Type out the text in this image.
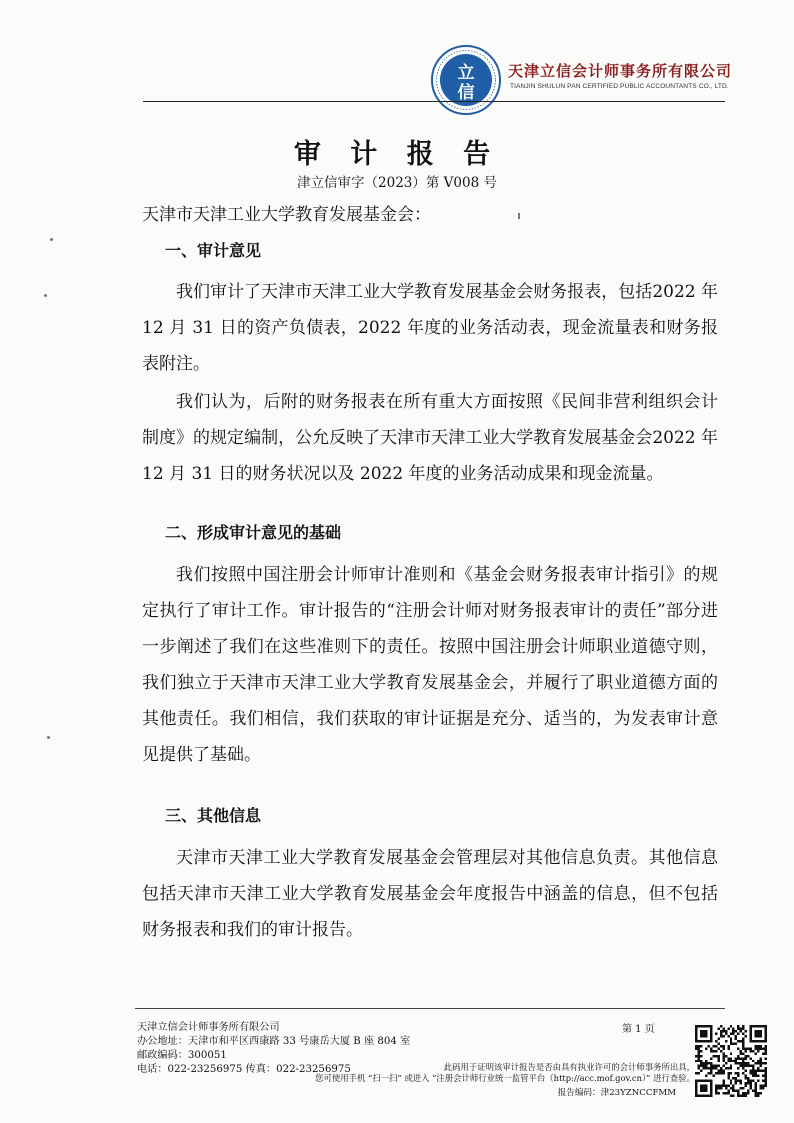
立
信
天津立信会计师事务所有限公司
TIANJIN SHULUN PAN CERTIFIED PUBLIC ACCOUNTANTS CO., LTD.
审 计 报 告
津立信审字（2023）第 V008 号
天津市天津工业大学教育发展基金会：
一、审计意见

我们审计了天津市天津工业大学教育发展基金会财务报表，包括2022 年 12 月 31 日的资产负债表，2022 年度的业务活动表，现金流量表和财务报表附注。

我们认为，后附的财务报表在所有重大方面按照《民间非营利组织会计制度》的规定编制，公允反映了天津市天津工业大学教育发展基金会2022 年 12 月 31 日的财务状况以及 2022 年度的业务活动成果和现金流量。

二、形成审计意见的基础

我们按照中国注册会计师审计准则和《基金会财务报表审计指引》的规定执行了审计工作。审计报告的“注册会计师对财务报表审计的责任”部分进一步阐述了我们在这些准则下的责任。按照中国注册会计师职业道德守则，我们独立于天津市天津工业大学教育发展基金会，并履行了职业道德方面的其他责任。我们相信，我们获取的审计证据是充分、适当的，为发表审计意见提供了基础。

三、其他信息

天津市天津工业大学教育发展基金会管理层对其他信息负责。其他信息包括天津市天津工业大学教育发展基金会年度报告中涵盖的信息，但不包括财务报表和我们的审计报告。

天津立信会计师事务所有限公司
办公地址：天津市和平区西康路 33 号康岳大厦 B 座 804 室
邮政编码：300051
电话：022-23256975 传真：022-23256975
第 1 页
此码用于证明该审计报告是否由具有执业许可的会计师事务所出具，
您可使用手机 “扫一扫” 或进入 “注册会计师行业统一监管平台（http://acc.mof.gov.cn）” 进行查验。
报告编码：津23YZNCCFMM
